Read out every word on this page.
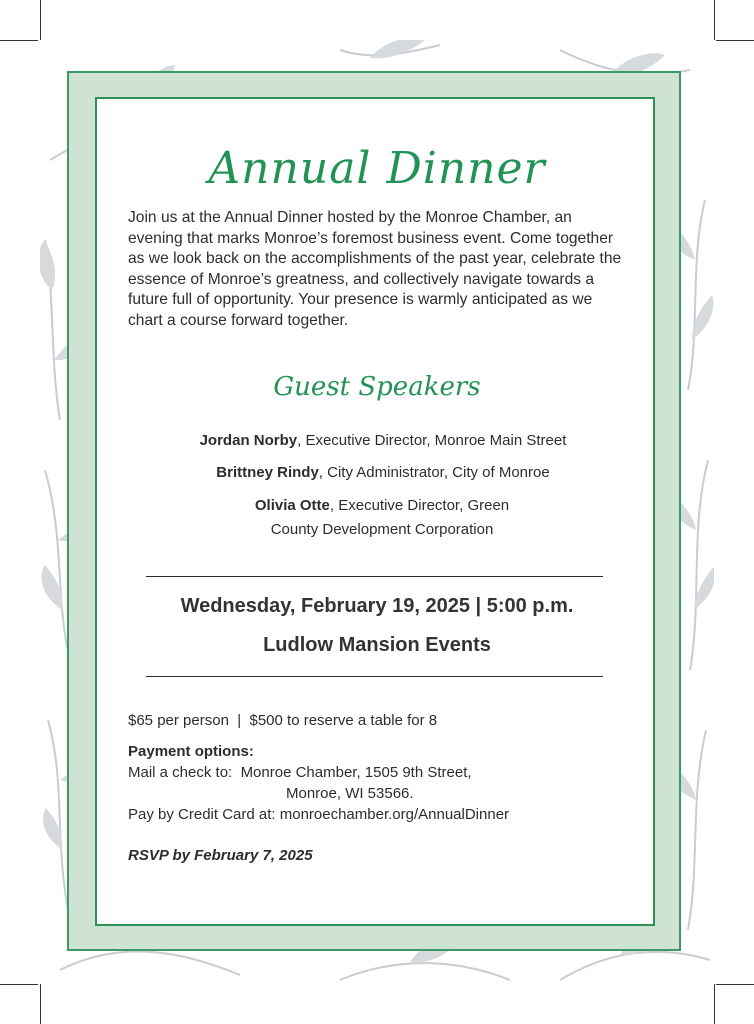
Annual Dinner
Join us at the Annual Dinner hosted by the Monroe Chamber, an evening that marks Monroe’s foremost business event. Come together as we look back on the accomplishments of the past year, celebrate the essence of Monroe’s greatness, and collectively navigate towards a future full of opportunity. Your presence is warmly anticipated as we chart a course forward together.
Guest Speakers
Jordan Norby, Executive Director, Monroe Main Street
Brittney Rindy, City Administrator, City of Monroe
Olivia Otte, Executive Director, Green County Development Corporation
Wednesday, February 19, 2025 | 5:00 p.m.
Ludlow Mansion Events
$65 per person | $500 to reserve a table for 8
Payment options:
Mail a check to: Monroe Chamber, 1505 9th Street,
Monroe, WI 53566.
Pay by Credit Card at: monroechamber.org/AnnualDinner
RSVP by February 7, 2025
